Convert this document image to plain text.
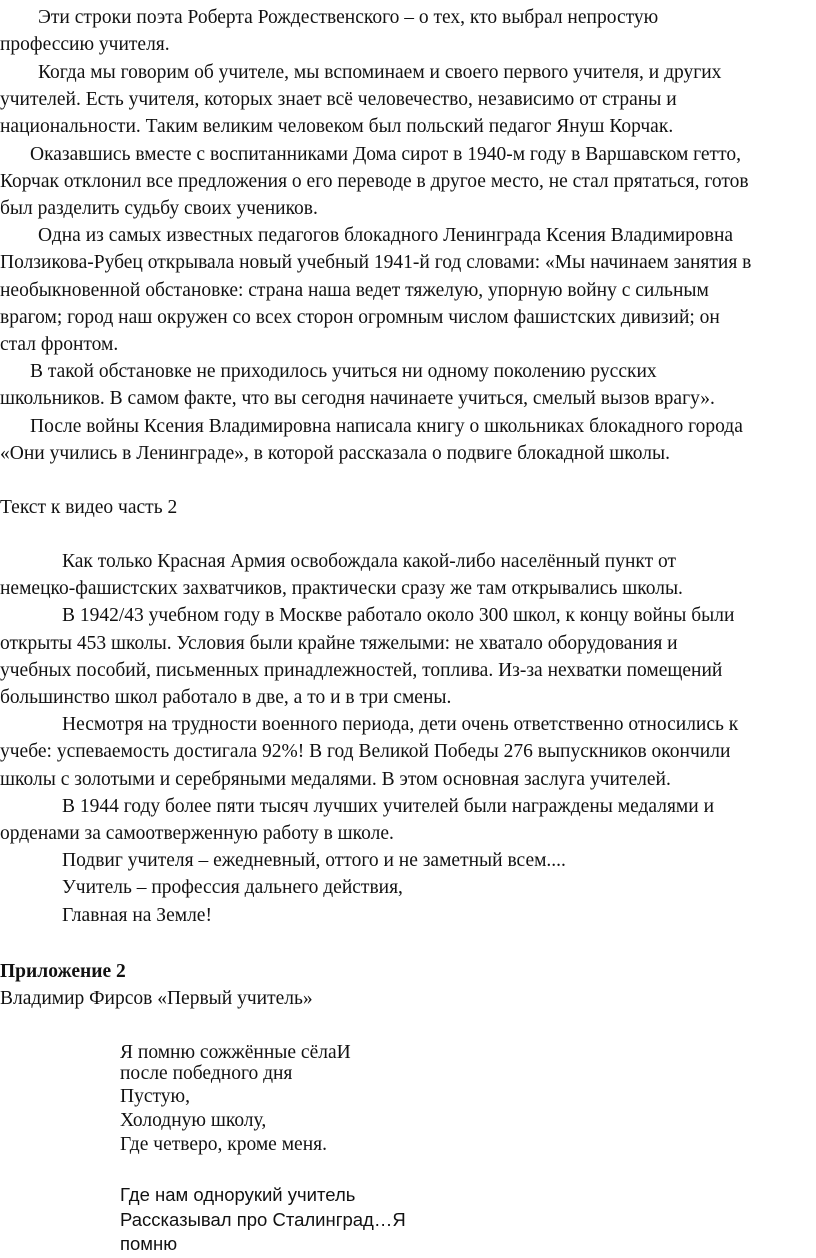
Эти строки поэта Роберта Рождественского – о тех, кто выбрал непростую
профессию учителя.
Когда мы говорим об учителе, мы вспоминаем и своего первого учителя, и других
учителей. Есть учителя, которых знает всё человечество, независимо от страны и
национальности. Таким великим человеком был польский педагог Януш Корчак.
Оказавшись вместе с воспитанниками Дома сирот в 1940-м году в Варшавском гетто,
Корчак отклонил все предложения о его переводе в другое место, не стал прятаться, готов
был разделить судьбу своих учеников.
Одна из самых известных педагогов блокадного Ленинграда Ксения Владимировна
Ползикова-Рубец открывала новый учебный 1941-й год словами: «Мы начинаем занятия в
необыкновенной обстановке: страна наша ведет тяжелую, упорную войну с сильным
врагом; город наш окружен со всех сторон огромным числом фашистских дивизий; он
стал фронтом.
В такой обстановке не приходилось учиться ни одному поколению русских
школьников. В самом факте, что вы сегодня начинаете учиться, смелый вызов врагу».
После войны Ксения Владимировна написала книгу о школьниках блокадного города
«Они учились в Ленинграде», в которой рассказала о подвиге блокадной школы.
Текст к видео часть 2
Как только Красная Армия освобождала какой-либо населённый пункт от
немецко-фашистских захватчиков, практически сразу же там открывались школы.
В 1942/43 учебном году в Москве работало около 300 школ, к концу войны были
открыты 453 школы. Условия были крайне тяжелыми: не хватало оборудования и
учебных пособий, письменных принадлежностей, топлива. Из-за нехватки помещений
большинство школ работало в две, а то и в три смены.
Несмотря на трудности военного периода, дети очень ответственно относились к
учебе: успеваемость достигала 92%! В год Великой Победы 276 выпускников окончили
школы с золотыми и серебряными медалями. В этом основная заслуга учителей.
В 1944 году более пяти тысяч лучших учителей были награждены медалями и
орденами за самоотверженную работу в школе.
Подвиг учителя – ежедневный, оттого и не заметный всем....
Учитель – профессия дальнего действия,
Главная на Земле!
Приложение 2
Владимир Фирсов «Первый учитель»
Я помню сожжённые сёлаИ
после победного дня
Пустую,
Холодную школу,
Где четверо, кроме меня.
Где нам однорукий учитель
Рассказывал про Сталинград…Я
помню
